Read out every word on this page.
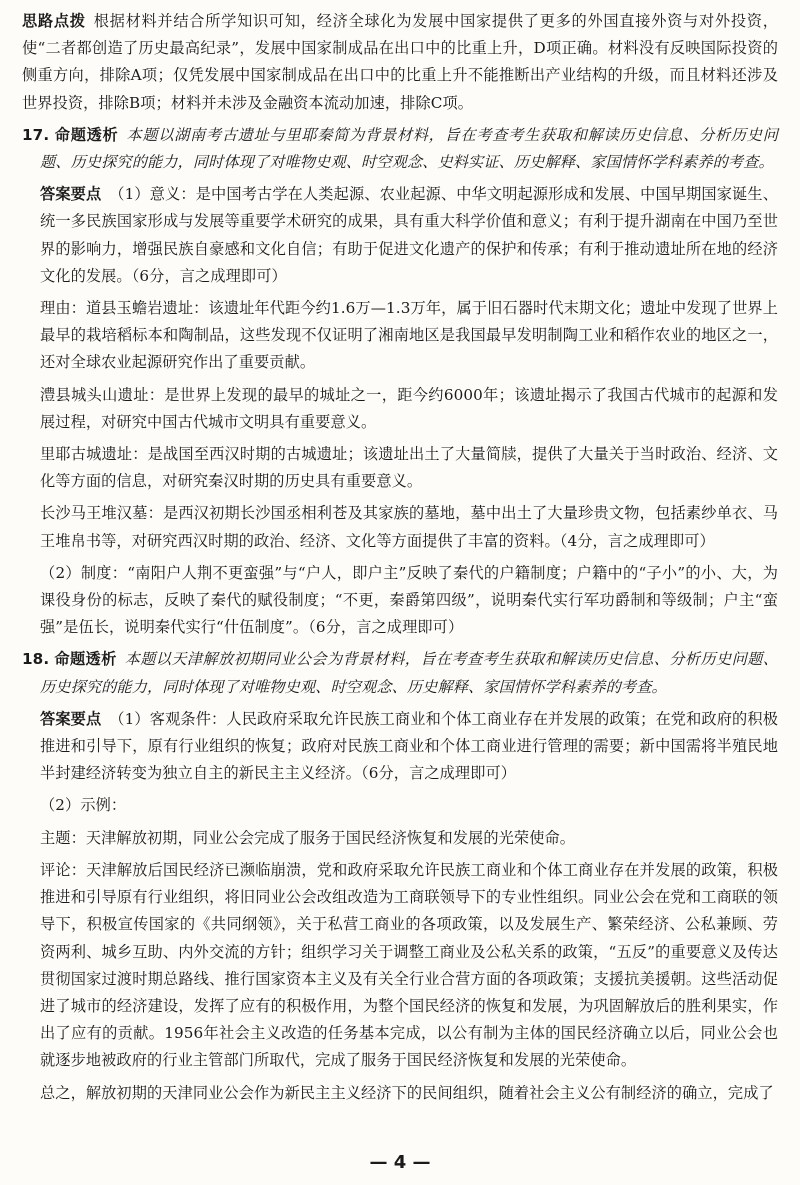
思路点拨 根据材料并结合所学知识可知，经济全球化为发展中国家提供了更多的外国直接外资与对外投资，使“二者都创造了历史最高纪录”，发展中国家制成品在出口中的比重上升，D项正确。材料没有反映国际投资的侧重方向，排除A项；仅凭发展中国家制成品在出口中的比重上升不能推断出产业结构的升级，而且材料还涉及世界投资，排除B项；材料并未涉及金融资本流动加速，排除C项。

17. 命题透析 本题以湖南考古遗址与里耶秦简为背景材料，旨在考查考生获取和解读历史信息、分析历史问题、历史探究的能力，同时体现了对唯物史观、时空观念、史料实证、历史解释、家国情怀学科素养的考查。

答案要点 （1）意义：是中国考古学在人类起源、农业起源、中华文明起源形成和发展、中国早期国家诞生、统一多民族国家形成与发展等重要学术研究的成果，具有重大科学价值和意义；有利于提升湖南在中国乃至世界的影响力，增强民族自豪感和文化自信；有助于促进文化遗产的保护和传承；有利于推动遗址所在地的经济文化的发展。（6分，言之成理即可）

理由：道县玉蟾岩遗址：该遗址年代距今约1.6万—1.3万年，属于旧石器时代末期文化；遗址中发现了世界上最早的栽培稻标本和陶制品，这些发现不仅证明了湘南地区是我国最早发明制陶工业和稻作农业的地区之一，还对全球农业起源研究作出了重要贡献。

澧县城头山遗址：是世界上发现的最早的城址之一，距今约6000年；该遗址揭示了我国古代城市的起源和发展过程，对研究中国古代城市文明具有重要意义。

里耶古城遗址：是战国至西汉时期的古城遗址；该遗址出土了大量简牍，提供了大量关于当时政治、经济、文化等方面的信息，对研究秦汉时期的历史具有重要意义。

长沙马王堆汉墓：是西汉初期长沙国丞相利苍及其家族的墓地，墓中出土了大量珍贵文物，包括素纱单衣、马王堆帛书等，对研究西汉时期的政治、经济、文化等方面提供了丰富的资料。（4分，言之成理即可）

（2）制度：“南阳户人荆不更蛮强”与“户人，即户主”反映了秦代的户籍制度；户籍中的“子小”的小、大，为课役身份的标志，反映了秦代的赋役制度；“不更，秦爵第四级”，说明秦代实行军功爵制和等级制；户主“蛮强”是伍长，说明秦代实行“什伍制度”。（6分，言之成理即可）

18. 命题透析 本题以天津解放初期同业公会为背景材料，旨在考查考生获取和解读历史信息、分析历史问题、历史探究的能力，同时体现了对唯物史观、时空观念、历史解释、家国情怀学科素养的考查。

答案要点 （1）客观条件：人民政府采取允许民族工商业和个体工商业存在并发展的政策；在党和政府的积极推进和引导下，原有行业组织的恢复；政府对民族工商业和个体工商业进行管理的需要；新中国需将半殖民地半封建经济转变为独立自主的新民主主义经济。（6分，言之成理即可）

（2）示例：

主题：天津解放初期，同业公会完成了服务于国民经济恢复和发展的光荣使命。

评论：天津解放后国民经济已濒临崩溃，党和政府采取允许民族工商业和个体工商业存在并发展的政策，积极推进和引导原有行业组织，将旧同业公会改组改造为工商联领导下的专业性组织。同业公会在党和工商联的领导下，积极宣传国家的《共同纲领》，关于私营工商业的各项政策，以及发展生产、繁荣经济、公私兼顾、劳资两利、城乡互助、内外交流的方针；组织学习关于调整工商业及公私关系的政策，“五反”的重要意义及传达贯彻国家过渡时期总路线、推行国家资本主义及有关全行业合营方面的各项政策；支援抗美援朝。这些活动促进了城市的经济建设，发挥了应有的积极作用，为整个国民经济的恢复和发展，为巩固解放后的胜利果实，作出了应有的贡献。1956年社会主义改造的任务基本完成，以公有制为主体的国民经济确立以后，同业公会也就逐步地被政府的行业主管部门所取代，完成了服务于国民经济恢复和发展的光荣使命。

总之，解放初期的天津同业公会作为新民主主义经济下的民间组织，随着社会主义公有制经济的确立，完成了

— 4 —
